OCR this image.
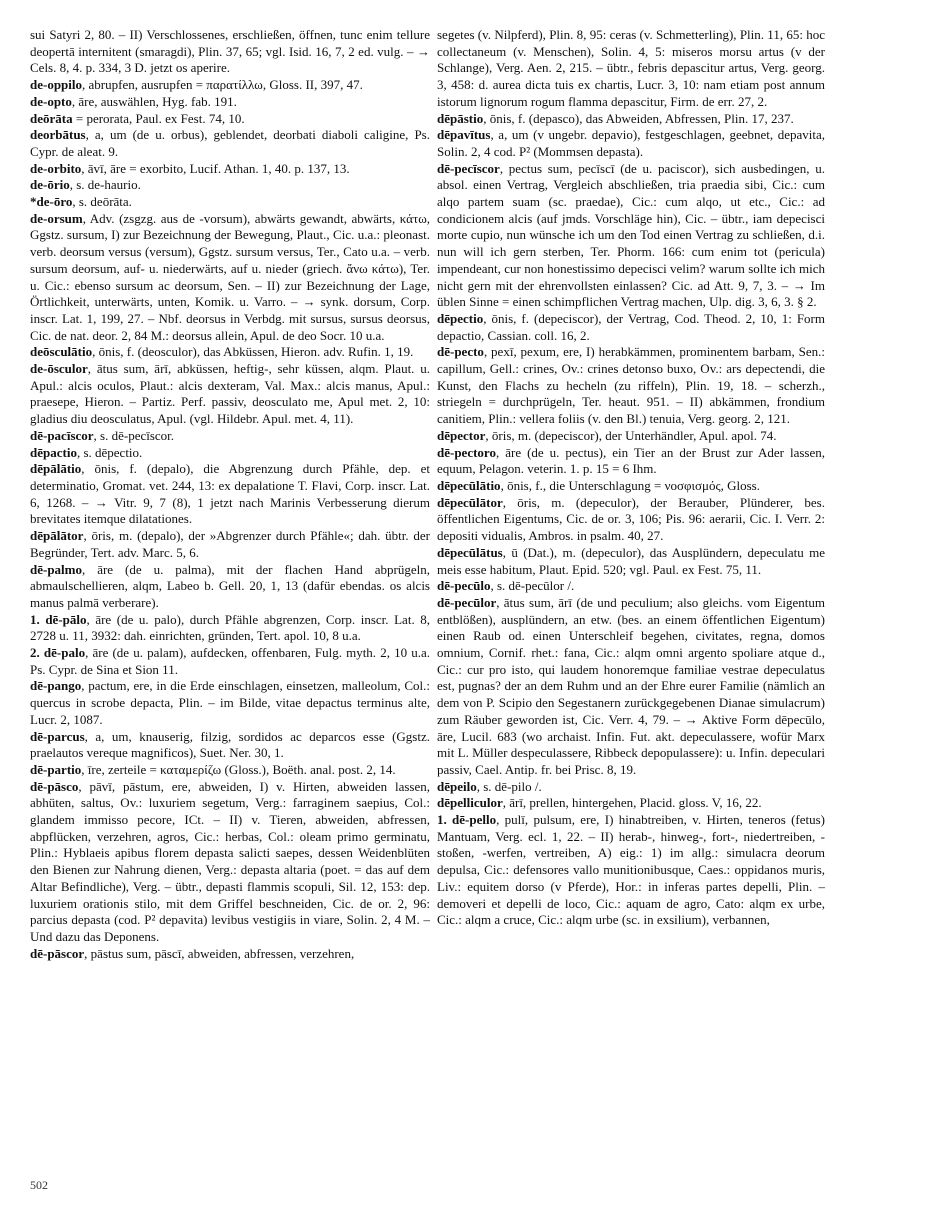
sui Satyri 2, 80. – II) Verschlossenes, erschließen, öffnen, tunc enim tellure deopertā internitent (smaragdi), Plin. 37, 65; vgl. Isid. 16, 7, 2 ed. vulg. – → Cels. 8, 4. p. 334, 3 D. jetzt os aperire.

de-oppilo, abrupfen, ausrupfen = παρατίλλω, Gloss. II, 397, 47.

de-opto, āre, auswählen, Hyg. fab. 191.

deōrāta = perorata, Paul. ex Fest. 74, 10.

deorbātus, a, um (de u. orbus), geblendet, deorbati diaboli caligine, Ps. Cypr. de aleat. 9.

de-orbito, āvī, āre = exorbito, Lucif. Athan. 1, 40. p. 137, 13.

de-ōrio, s. de-haurio.

*de-ōro, s. deōrāta.

de-orsum, Adv. (zsgzg. aus de -vorsum), abwärts gewandt, abwärts, κάτω, Ggstz. sursum, I) zur Bezeichnung der Bewegung, Plaut., Cic. u.a.: pleonast. verb. deorsum versus (versum), Ggstz. sursum versus, Ter., Cato u.a. – verb. sursum deorsum, auf- u. niederwärts, auf u. nieder (griech. ἄνω κάτω), Ter. u. Cic.: ebenso sursum ac deorsum, Sen. – II) zur Bezeichnung der Lage, Örtlichkeit, unterwärts, unten, Komik. u. Varro. – → synk. dorsum, Corp. inscr. Lat. 1, 199, 27. – Nbf. deorsus in Verbdg. mit sursus, sursus deorsus, Cic. de nat. deor. 2, 84 M.: deorsus allein, Apul. de deo Socr. 10 u.a.

deōsculātio, ōnis, f. (deosculor), das Abküssen, Hieron. adv. Rufin. 1, 19.

de-ōsculor, ātus sum, ārī, abküssen, heftig-, sehr küssen, alqm. Plaut. u. Apul.: alcis oculos, Plaut.: alcis dexteram, Val. Max.: alcis manus, Apul.: praesepe, Hieron. – Partiz. Perf. passiv, deosculato me, Apul met. 2, 10: gladius diu deosculatus, Apul. (vgl. Hildebr. Apul. met. 4, 11).

dē-pacīscor, s. dē-pecīscor.

dēpactio, s. dēpectio.

dēpālātio, ōnis, f. (depalo), die Abgrenzung durch Pfähle, dep. et determinatio, Gromat. vet. 244, 13: ex depalatione T. Flavi, Corp. inscr. Lat. 6, 1268. – → Vitr. 9, 7 (8), 1 jetzt nach Marinis Verbesserung dierum brevitates itemque dilatationes.

dēpālātor, ōris, m. (depalo), der »Abgrenzer durch Pfähle«; dah. übtr. der Begründer, Tert. adv. Marc. 5, 6.

dē-palmo, āre (de u. palma), mit der flachen Hand abprügeln, abmaulschellieren, alqm, Labeo b. Gell. 20, 1, 13 (dafür ebendas. os alcis manus palmā verberare).

1. dē-pālo, āre (de u. palo), durch Pfähle abgrenzen, Corp. inscr. Lat. 8, 2728 u. 11, 3932: dah. einrichten, gründen, Tert. apol. 10, 8 u.a.

2. dē-palo, āre (de u. palam), aufdecken, offenbaren, Fulg. myth. 2, 10 u.a. Ps. Cypr. de Sina et Sion 11.

dē-pango, pactum, ere, in die Erde einschlagen, einsetzen, malleolum, Col.: quercus in scrobe depacta, Plin. – im Bilde, vitae depactus terminus alte, Lucr. 2, 1087.

dē-parcus, a, um, knauserig, filzig, sordidos ac deparcos esse (Ggstz. praelautos vereque magnificos), Suet. Ner. 30, 1.

dē-partio, īre, zerteile = καταμερίζω (Gloss.), Boëth. anal. post. 2, 14.

dē-pāsco, pāvī, pāstum, ere, abweiden, I) v. Hirten, abweiden lassen, abhüten, saltus, Ov.: luxuriem segetum, Verg.: farraginem saepius, Col.: glandem immisso pecore, ICt. – II) v. Tieren, abweiden, abfressen, abpflücken, verzehren, agros, Cic.: herbas, Col.: oleam primo germinatu, Plin.: Hyblaeis apibus florem depasta salicti saepes, dessen Weidenblüten den Bienen zur Nahrung dienen, Verg.: depasta altaria (poet. = das auf dem Altar Befindliche), Verg. – übtr., depasti flammis scopuli, Sil. 12, 153: dep. luxuriem orationis stilo, mit dem Griffel beschneiden, Cic. de or. 2, 96: parcius depasta (cod. P² depavita) levibus vestigiis in viare, Solin. 2, 4 M. – Und dazu das Deponens.

dē-pāscor, pāstus sum, pāscī, abweiden, abfressen, verzehren,

segetes (v. Nilpferd), Plin. 8, 95: ceras (v. Schmetterling), Plin. 11, 65: hoc collectaneum (v. Menschen), Solin. 4, 5: miseros morsu artus (v der Schlange), Verg. Aen. 2, 215. – übtr., febris depascitur artus, Verg. georg. 3, 458: d. aurea dicta tuis ex chartis, Lucr. 3, 10: nam etiam post annum istorum lignorum rogum flamma depascitur, Firm. de err. 27, 2.

dēpāstio, ōnis, f. (depasco), das Abweiden, Abfressen, Plin. 17, 237.

dēpavītus, a, um (v ungebr. depavio), festgeschlagen, geebnet, depavita, Solin. 2, 4 cod. P² (Mommsen depasta).

dē-pecīscor, pectus sum, pecīscī (de u. paciscor), sich ausbedingen, u. absol. einen Vertrag, Vergleich abschließen, tria praedia sibi, Cic.: cum alqo partem suam (sc. praedae), Cic.: cum alqo, ut etc., Cic.: ad condicionem alcis (auf jmds. Vorschläge hin), Cic. – übtr., iam depecisci morte cupio, nun wünsche ich um den Tod einen Vertrag zu schließen, d.i. nun will ich gern sterben, Ter. Phorm. 166: cum enim tot (pericula) impendeant, cur non honestissimo depecisci velim? warum sollte ich mich nicht gern mit der ehrenvollsten einlassen? Cic. ad Att. 9, 7, 3. – → Im üblen Sinne = einen schimpflichen Vertrag machen, Ulp. dig. 3, 6, 3. § 2.

dēpectio, ōnis, f. (depeciscor), der Vertrag, Cod. Theod. 2, 10, 1: Form depactio, Cassian. coll. 16, 2.

dē-pecto, pexī, pexum, ere, I) herabkämmen, prominentem barbam, Sen.: capillum, Gell.: crines, Ov.: crines detonso buxo, Ov.: ars depectendi, die Kunst, den Flachs zu hecheln (zu riffeln), Plin. 19, 18. – scherzh., striegeln = durchprügeln, Ter. heaut. 951. – II) abkämmen, frondium canitiem, Plin.: vellera foliis (v. den Bl.) tenuia, Verg. georg. 2, 121.

dēpector, ōris, m. (depeciscor), der Unterhändler, Apul. apol. 74.

dē-pectoro, āre (de u. pectus), ein Tier an der Brust zur Ader lassen, equum, Pelagon. veterin. 1. p. 15 = 6 Ihm.

dēpecūlātio, ōnis, f., die Unterschlagung = νοσφισμός, Gloss.

dēpecūlātor, ōris, m. (depeculor), der Berauber, Plünderer, bes. öffentlichen Eigentums, Cic. de or. 3, 106; Pis. 96: aerarii, Cic. I. Verr. 2: depositi vidualis, Ambros. in psalm. 40, 27.

dēpecūlātus, ū (Dat.), m. (depeculor), das Ausplündern, depeculatu me meis esse habitum, Plaut. Epid. 520; vgl. Paul. ex Fest. 75, 11.

dē-pecūlo, s. dē-pecūlor /.

dē-pecūlor, ātus sum, ārī (de und peculium; also gleichs. vom Eigentum entblößen), ausplündern, an etw. (bes. an einem öffentlichen Eigentum) einen Raub od. einen Unterschleif begehen, civitates, regna, domos omnium, Cornif. rhet.: fana, Cic.: alqm omni argento spoliare atque d., Cic.: cur pro isto, qui laudem honoremque familiae vestrae depeculatus est, pugnas? der an dem Ruhm und an der Ehre eurer Familie (nämlich an dem von P. Scipio den Segestanern zurückgegebenen Dianae simulacrum) zum Räuber geworden ist, Cic. Verr. 4, 79. – → Aktive Form dēpecūlo, āre, Lucil. 683 (wo archaist. Infin. Fut. akt. depeculassere, wofür Marx mit L. Müller despeculassere, Ribbeck depopulassere): u. Infin. depeculari passiv, Cael. Antip. fr. bei Prisc. 8, 19.

dēpeilo, s. dē-pilo /.

dēpelliculor, ārī, prellen, hintergehen, Placid. gloss. V, 16, 22.

1. dē-pello, pulī, pulsum, ere, I) hinabtreiben, v. Hirten, teneros (fetus) Mantuam, Verg. ecl. 1, 22. – II) herab-, hinweg-, fort-, niedertreiben, -stoßen, -werfen, vertreiben, A) eig.: 1) im allg.: simulacra deorum depulsa, Cic.: defensores vallo munitionibusque, Caes.: oppidanos muris, Liv.: equitem dorso (v Pferde), Hor.: in inferas partes depelli, Plin. – demoveri et depelli de loco, Cic.: aquam de agro, Cato: alqm ex urbe, Cic.: alqm a cruce, Cic.: alqm urbe (sc. in exsilium), verbannen,

502
